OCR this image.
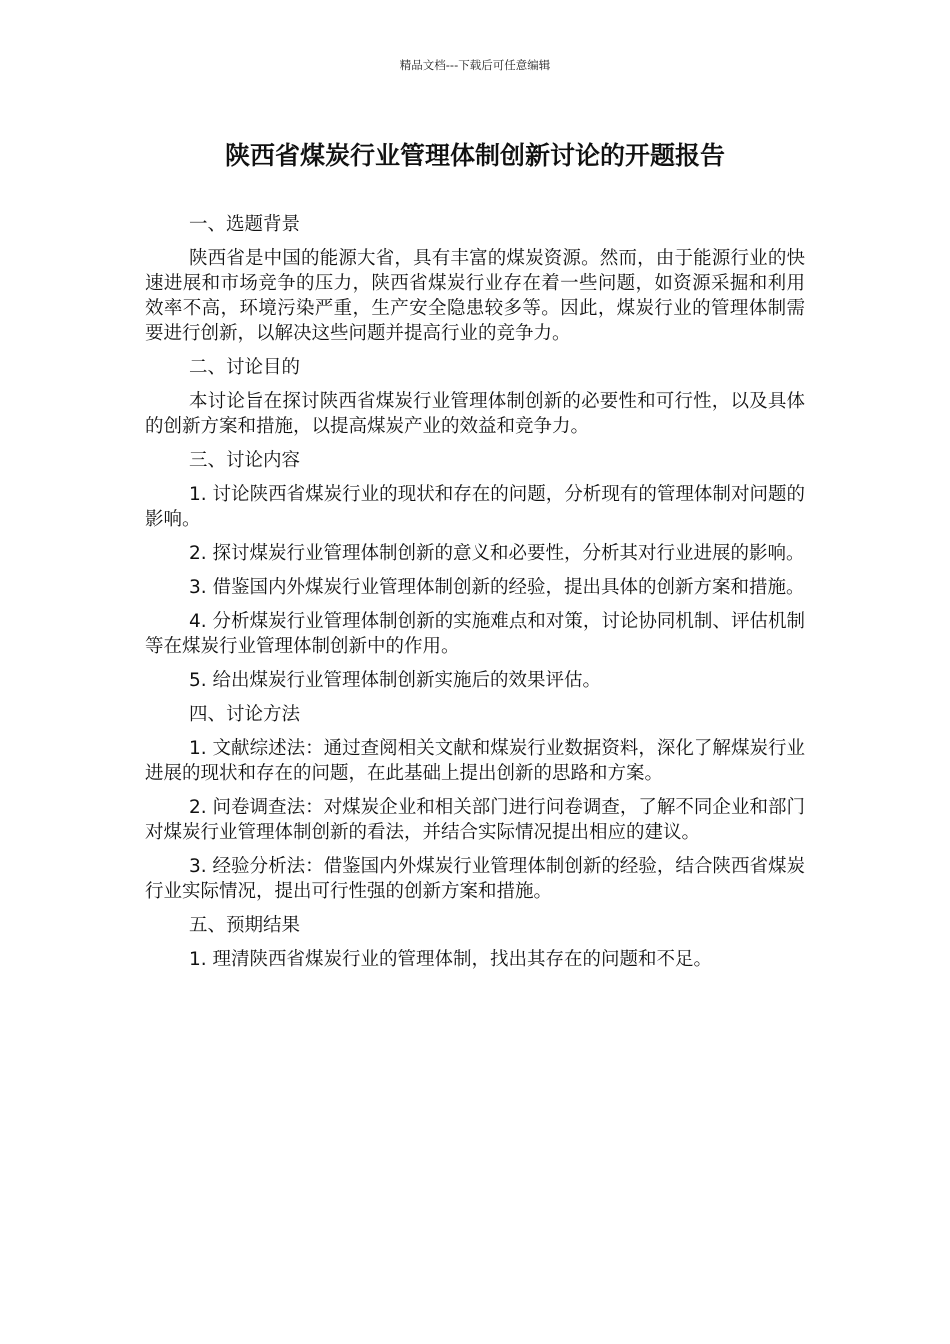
精品文档---下载后可任意编辑
陕西省煤炭行业管理体制创新讨论的开题报告

一、选题背景

陕西省是中国的能源大省，具有丰富的煤炭资源。然而，由于能源行业的快速进展和市场竞争的压力，陕西省煤炭行业存在着一些问题，如资源采掘和利用效率不高，环境污染严重，生产安全隐患较多等。因此，煤炭行业的管理体制需要进行创新，以解决这些问题并提高行业的竞争力。

二、讨论目的

本讨论旨在探讨陕西省煤炭行业管理体制创新的必要性和可行性，以及具体的创新方案和措施，以提高煤炭产业的效益和竞争力。

三、讨论内容

1. 讨论陕西省煤炭行业的现状和存在的问题，分析现有的管理体制对问题的影响。

2. 探讨煤炭行业管理体制创新的意义和必要性，分析其对行业进展的影响。

3. 借鉴国内外煤炭行业管理体制创新的经验，提出具体的创新方案和措施。

4. 分析煤炭行业管理体制创新的实施难点和对策，讨论协同机制、评估机制等在煤炭行业管理体制创新中的作用。

5. 给出煤炭行业管理体制创新实施后的效果评估。

四、讨论方法

1. 文献综述法：通过查阅相关文献和煤炭行业数据资料，深化了解煤炭行业进展的现状和存在的问题，在此基础上提出创新的思路和方案。

2. 问卷调查法：对煤炭企业和相关部门进行问卷调查，了解不同企业和部门对煤炭行业管理体制创新的看法，并结合实际情况提出相应的建议。

3. 经验分析法：借鉴国内外煤炭行业管理体制创新的经验，结合陕西省煤炭行业实际情况，提出可行性强的创新方案和措施。

五、预期结果

1. 理清陕西省煤炭行业的管理体制，找出其存在的问题和不足。
